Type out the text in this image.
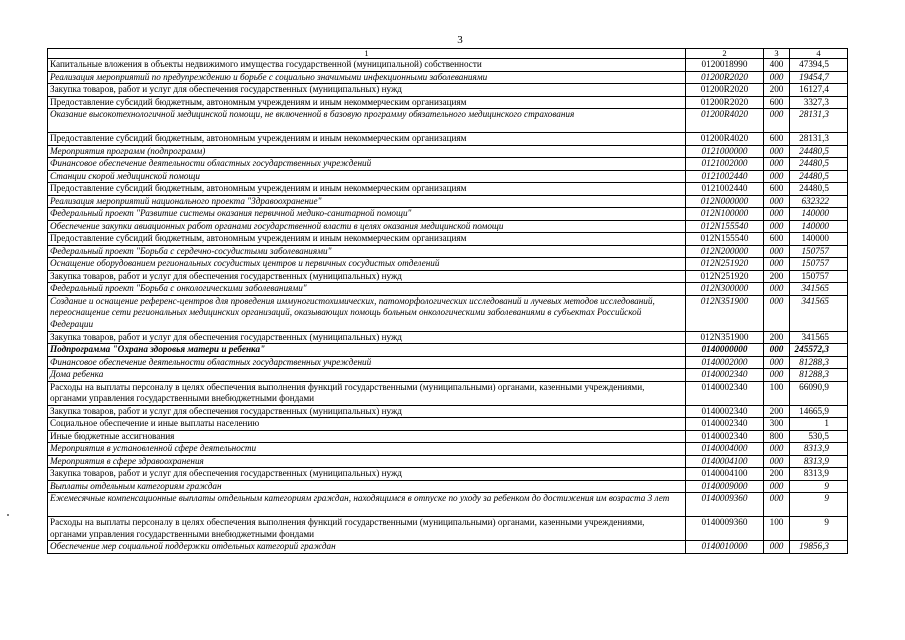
3
1	2	3	4
Капитальные вложения в объекты недвижимого имущества государственной (муниципальной) собственности	0120018990	400	47394,5
Реализация мероприятий по предупреждению и борьбе с социально значимыми инфекционными заболеваниями	01200R2020	000	19454,7
Закупка товаров, работ и услуг для обеспечения государственных (муниципальных) нужд	01200R2020	200	16127,4
Предоставление субсидий бюджетным, автономным учреждениям и иным некоммерческим организациям	01200R2020	600	3327,3
Оказание высокотехнологичной медицинской помощи, не включенной в базовую программу обязательного медицинского страхования	01200R4020	000	28131,3
Предоставление субсидий бюджетным, автономным учреждениям и иным некоммерческим организациям	01200R4020	600	28131,3
Мероприятия программ (подпрограмм)	0121000000	000	24480,5
Финансовое обеспечение деятельности областных государственных учреждений	0121002000	000	24480,5
Станции скорой медицинской помощи	0121002440	000	24480,5
Предоставление субсидий бюджетным, автономным учреждениям и иным некоммерческим организациям	0121002440	600	24480,5
Реализация мероприятий национального проекта "Здравоохранение"	012N000000	000	632322
Федеральный проект "Развитие системы оказания первичной медико-санитарной помощи"	012N100000	000	140000
Обеспечение закупки авиационных работ органами государственной власти в целях оказания медицинской помощи	012N155540	000	140000
Предоставление субсидий бюджетным, автономным учреждениям и иным некоммерческим организациям	012N155540	600	140000
Федеральный проект "Борьба с сердечно-сосудистыми заболеваниями"	012N200000	000	150757
Оснащение оборудованием региональных сосудистых центров и первичных сосудистых отделений	012N251920	000	150757
Закупка товаров, работ и услуг для обеспечения государственных (муниципальных) нужд	012N251920	200	150757
Федеральный проект "Борьба с онкологическими заболеваниями"	012N300000	000	341565
Создание и оснащение референс-центров для проведения иммуногистохимических, патоморфологических исследований и лучевых методов исследований, переоснащение сети региональных медицинских организаций, оказывающих помощь больным онкологическими заболеваниями в субъектах Российской Федерации	012N351900	000	341565
Закупка товаров, работ и услуг для обеспечения государственных (муниципальных) нужд	012N351900	200	341565
Подпрограмма "Охрана здоровья матери и ребенка"	0140000000	000	245572,3
Финансовое обеспечение деятельности областных государственных учреждений	0140002000	000	81288,3
Дома ребенка	0140002340	000	81288,3
Расходы на выплаты персоналу в целях обеспечения выполнения функций государственными (муниципальными) органами, казенными учреждениями, органами управления государственными внебюджетными фондами	0140002340	100	66090,9
Закупка товаров, работ и услуг для обеспечения государственных (муниципальных) нужд	0140002340	200	14665,9
Социальное обеспечение и иные выплаты населению	0140002340	300	1
Иные бюджетные ассигнования	0140002340	800	530,5
Мероприятия в установленной сфере деятельности	0140004000	000	8313,9
Мероприятия в сфере здравоохранения	0140004100	000	8313,9
Закупка товаров, работ и услуг для обеспечения государственных (муниципальных) нужд	0140004100	200	8313,9
Выплаты отдельным категориям граждан	0140009000	000	9
Ежемесячные компенсационные выплаты отдельным категориям граждан, находящимся в отпуске по уходу за ребенком до достижения им возраста 3 лет	0140009360	000	9
Расходы на выплаты персоналу в целях обеспечения выполнения функций государственными (муниципальными) органами, казенными учреждениями, органами управления государственными внебюджетными фондами	0140009360	100	9
Обеспечение мер социальной поддержки отдельных категорий граждан	0140010000	000	19856,3
